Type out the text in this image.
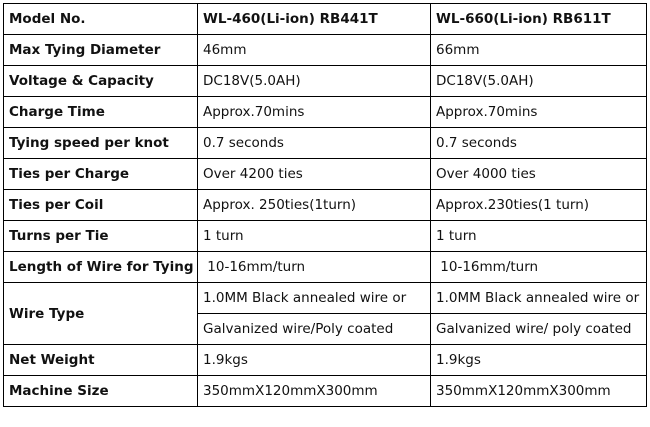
Model No.	WL-460(Li-ion) RB441T	WL-660(Li-ion) RB611T
Max Tying Diameter	46mm	66mm
Voltage & Capacity	DC18V(5.0AH)	DC18V(5.0AH)
Charge Time	Approx.70mins	Approx.70mins
Tying speed per knot	0.7 seconds	0.7 seconds
Ties per Charge	Over 4200 ties	Over 4000 ties
Ties per Coil	Approx. 250ties(1turn)	Approx.230ties(1 turn)
Turns per Tie	1 turn	1 turn
Length of Wire for Tying	10-16mm/turn	10-16mm/turn
Wire Type	1.0MM Black annealed wire or	1.0MM Black annealed wire or
	Galvanized wire/Poly coated	Galvanized wire/ poly coated
Net Weight	1.9kgs	1.9kgs
Machine Size	350mmX120mmX300mm	350mmX120mmX300mm
